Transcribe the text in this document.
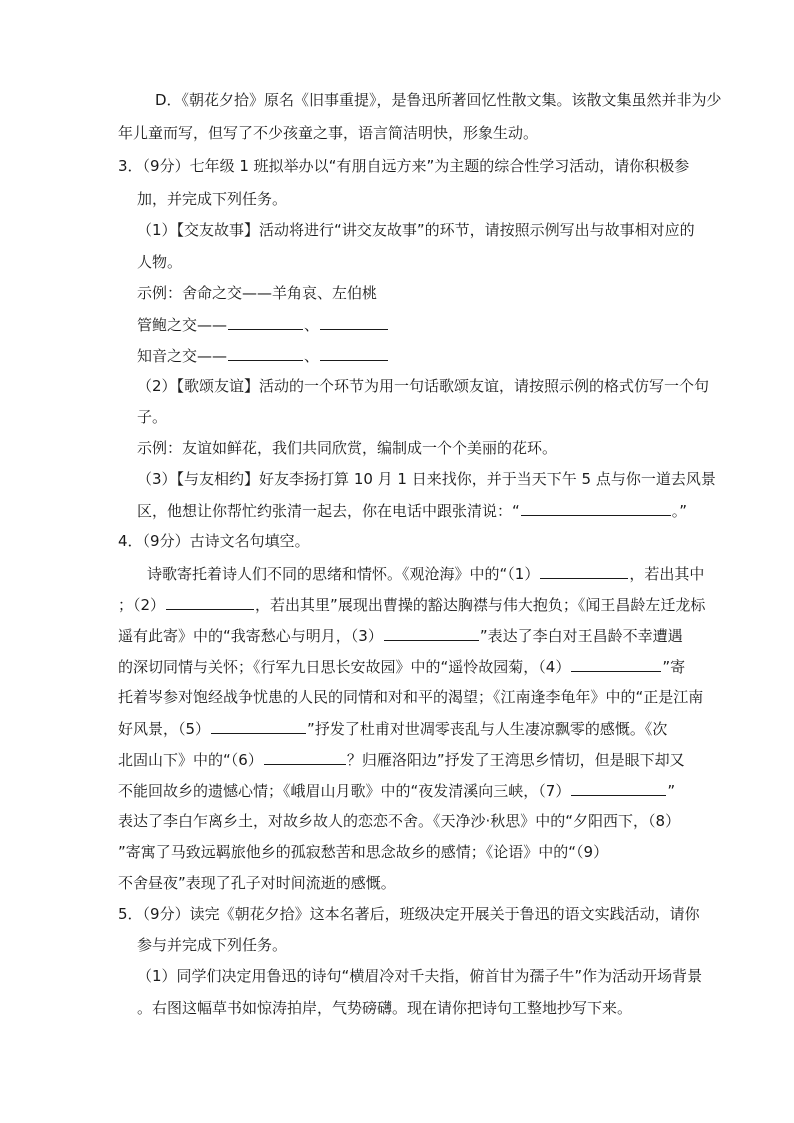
D．《朝花夕拾》原名《旧事重提》，是鲁迅所著回忆性散文集。该散文集虽然并非为少
年儿童而写，但写了不少孩童之事，语言简洁明快，形象生动。
3．（9分）七年级 1 班拟举办以“有朋自远方来”为主题的综合性学习活动，请你积极参
加，并完成下列任务。
（1）【交友故事】活动将进行“讲交友故事”的环节，请按照示例写出与故事相对应的
人物。
示例：舍命之交——羊角哀、左伯桃
管鲍之交——	、
知音之交——	、
（2）【歌颂友谊】活动的一个环节为用一句话歌颂友谊，请按照示例的格式仿写一个句
子。
示例：友谊如鲜花，我们共同欣赏，编制成一个个美丽的花环。
（3）【与友相约】好友李扬打算 10 月 1 日来找你，并于当天下午 5 点与你一道去风景
区，他想让你帮忙约张清一起去，你在电话中跟张清说：“	。”
4．（9分）古诗文名句填空。
诗歌寄托着诗人们不同的思绪和情怀。《观沧海》中的“（1）	，若出其中
；（2）	，若出其里”展现出曹操的豁达胸襟与伟大抱负；《闻王昌龄左迁龙标
遥有此寄》中的“我寄愁心与明月，（3）	”表达了李白对王昌龄不幸遭遇
的深切同情与关怀；《行军九日思长安故园》中的“遥怜故园菊，（4）	”寄
托着岑参对饱经战争忧患的人民的同情和对和平的渴望；《江南逢李龟年》中的“正是江南
好风景，（5）	”抒发了杜甫对世凋零丧乱与人生凄凉飘零的感慨。《次
北固山下》中的“（6）	？归雁洛阳边”抒发了王湾思乡情切，但是眼下却又
不能回故乡的遗憾心情；《峨眉山月歌》中的“夜发清溪向三峡，（7）	”
表达了李白乍离乡土，对故乡故人的恋恋不舍。《天净沙·秋思》中的“夕阳西下，（8）
”寄寓了马致远羁旅他乡的孤寂愁苦和思念故乡的感情；《论语》中的“（9）
不舍昼夜”表现了孔子对时间流逝的感慨。
5．（9分）读完《朝花夕拾》这本名著后，班级决定开展关于鲁迅的语文实践活动，请你
参与并完成下列任务。
（1）同学们决定用鲁迅的诗句“横眉冷对千夫指，俯首甘为孺子牛”作为活动开场背景
。右图这幅草书如惊涛拍岸，气势磅礴。现在请你把诗句工整地抄写下来。
